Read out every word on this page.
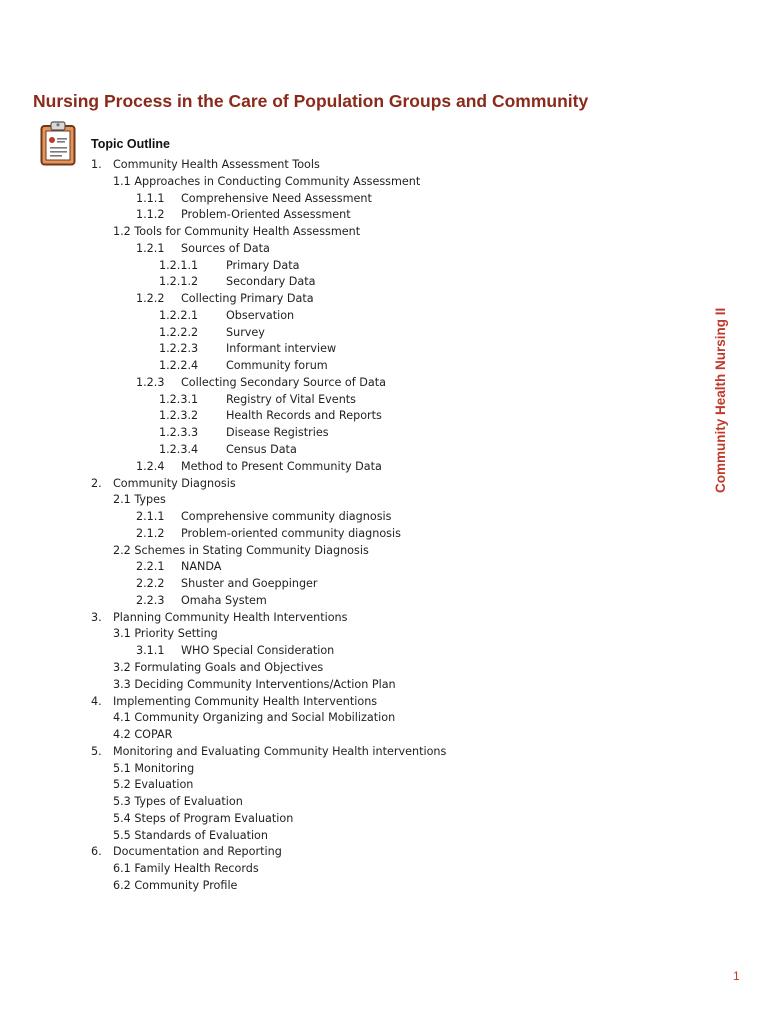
Nursing Process in the Care of Population Groups and Community
Topic Outline
1. Community Health Assessment Tools
1.1 Approaches in Conducting Community Assessment
1.1.1 Comprehensive Need Assessment
1.1.2 Problem-Oriented Assessment
1.2 Tools for Community Health Assessment
1.2.1 Sources of Data
1.2.1.1 Primary Data
1.2.1.2 Secondary Data
1.2.2 Collecting Primary Data
1.2.2.1 Observation
1.2.2.2 Survey
1.2.2.3 Informant interview
1.2.2.4 Community forum
1.2.3 Collecting Secondary Source of Data
1.2.3.1 Registry of Vital Events
1.2.3.2 Health Records and Reports
1.2.3.3 Disease Registries
1.2.3.4 Census Data
1.2.4 Method to Present Community Data
2. Community Diagnosis
2.1 Types
2.1.1 Comprehensive community diagnosis
2.1.2 Problem-oriented community diagnosis
2.2 Schemes in Stating Community Diagnosis
2.2.1 NANDA
2.2.2 Shuster and Goeppinger
2.2.3 Omaha System
3. Planning Community Health Interventions
3.1 Priority Setting
3.1.1 WHO Special Consideration
3.2 Formulating Goals and Objectives
3.3 Deciding Community Interventions/Action Plan
4. Implementing Community Health Interventions
4.1 Community Organizing and Social Mobilization
4.2 COPAR
5. Monitoring and Evaluating Community Health interventions
5.1 Monitoring
5.2 Evaluation
5.3 Types of Evaluation
5.4 Steps of Program Evaluation
5.5 Standards of Evaluation
6. Documentation and Reporting
6.1 Family Health Records
6.2 Community Profile
Community Health Nursing II
1
